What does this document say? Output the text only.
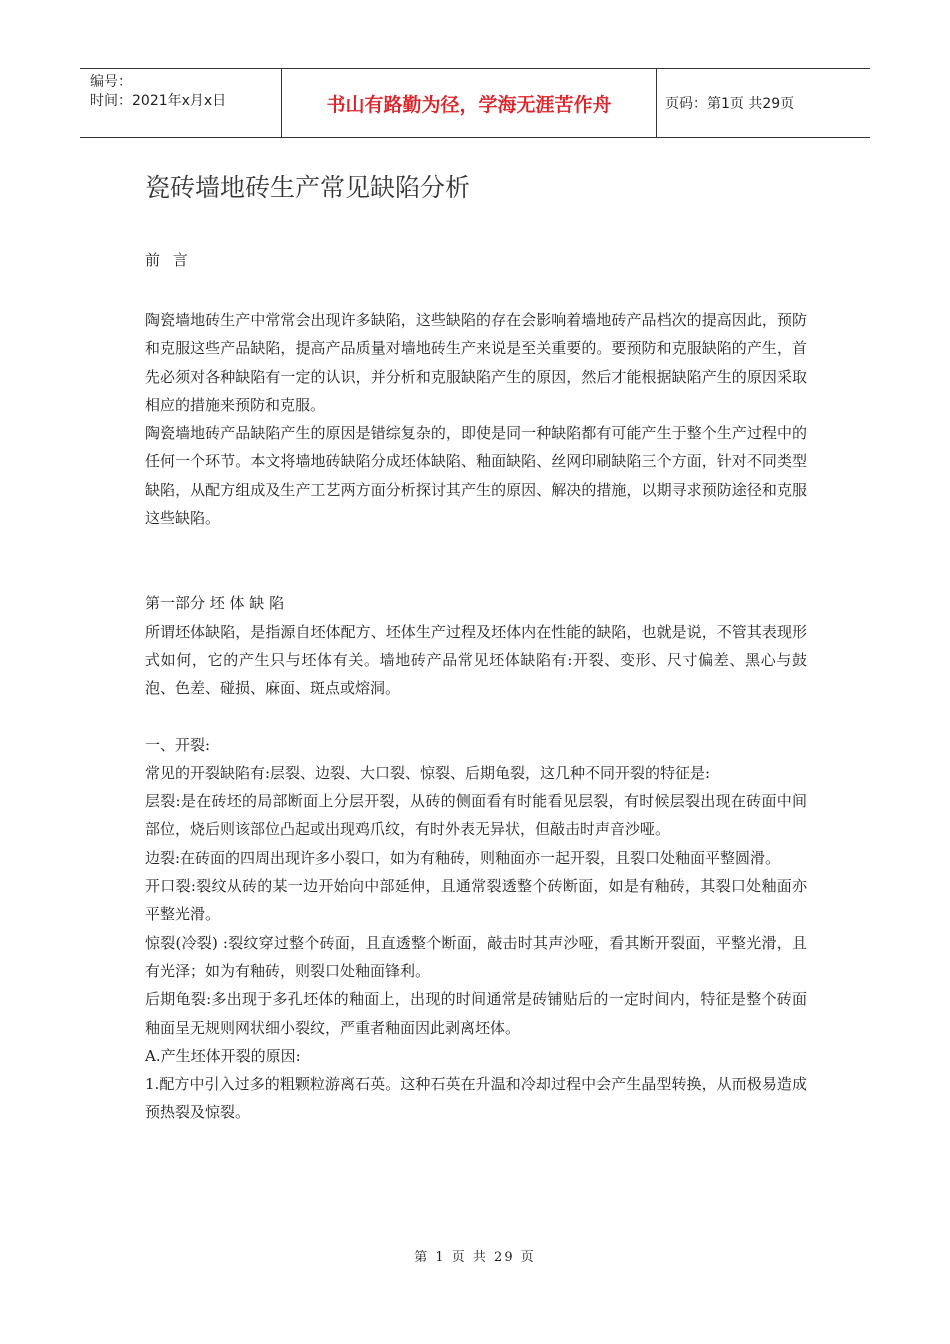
编号：
时间：2021年x月x日	书山有路勤为径，学海无涯苦作舟	页码：第1页 共29页
瓷砖墙地砖生产常见缺陷分析
前 言

陶瓷墙地砖生产中常常会出现许多缺陷，这些缺陷的存在会影响着墙地砖产品档次的提高因此，预防和克服这些产品缺陷，提高产品质量对墙地砖生产来说是至关重要的。要预防和克服缺陷的产生，首先必须对各种缺陷有一定的认识，并分析和克服缺陷产生的原因，然后才能根据缺陷产生的原因采取相应的措施来预防和克服。

陶瓷墙地砖产品缺陷产生的原因是错综复杂的，即使是同一种缺陷都有可能产生于整个生产过程中的任何一个环节。本文将墙地砖缺陷分成坯体缺陷、釉面缺陷、丝网印刷缺陷三个方面，针对不同类型缺陷，从配方组成及生产工艺两方面分析探讨其产生的原因、解决的措施，以期寻求预防途径和克服这些缺陷。

第一部分 坯 体 缺 陷

所谓坯体缺陷，是指源自坯体配方、坯体生产过程及坯体内在性能的缺陷，也就是说，不管其表现形式如何，它的产生只与坯体有关。墙地砖产品常见坯体缺陷有:开裂、变形、尺寸偏差、黑心与鼓泡、色差、碰损、麻面、斑点或熔洞。

一、开裂:

常见的开裂缺陷有:层裂、边裂、大口裂、惊裂、后期龟裂，这几种不同开裂的特征是:

层裂:是在砖坯的局部断面上分层开裂，从砖的侧面看有时能看见层裂，有时候层裂出现在砖面中间部位，烧后则该部位凸起或出现鸡爪纹，有时外表无异状，但敲击时声音沙哑。

边裂:在砖面的四周出现许多小裂口，如为有釉砖，则釉面亦一起开裂，且裂口处釉面平整圆滑。

开口裂:裂纹从砖的某一边开始向中部延伸，且通常裂透整个砖断面，如是有釉砖，其裂口处釉面亦平整光滑。

惊裂(冷裂) :裂纹穿过整个砖面，且直透整个断面，敲击时其声沙哑，看其断开裂面，平整光滑，且有光泽；如为有釉砖，则裂口处釉面锋利。

后期龟裂:多出现于多孔坯体的釉面上，出现的时间通常是砖铺贴后的一定时间内，特征是整个砖面釉面呈无规则网状细小裂纹，严重者釉面因此剥离坯体。

A.产生坯体开裂的原因:

1.配方中引入过多的粗颗粒游离石英。这种石英在升温和冷却过程中会产生晶型转换，从而极易造成预热裂及惊裂。

第 1 页 共 29 页
